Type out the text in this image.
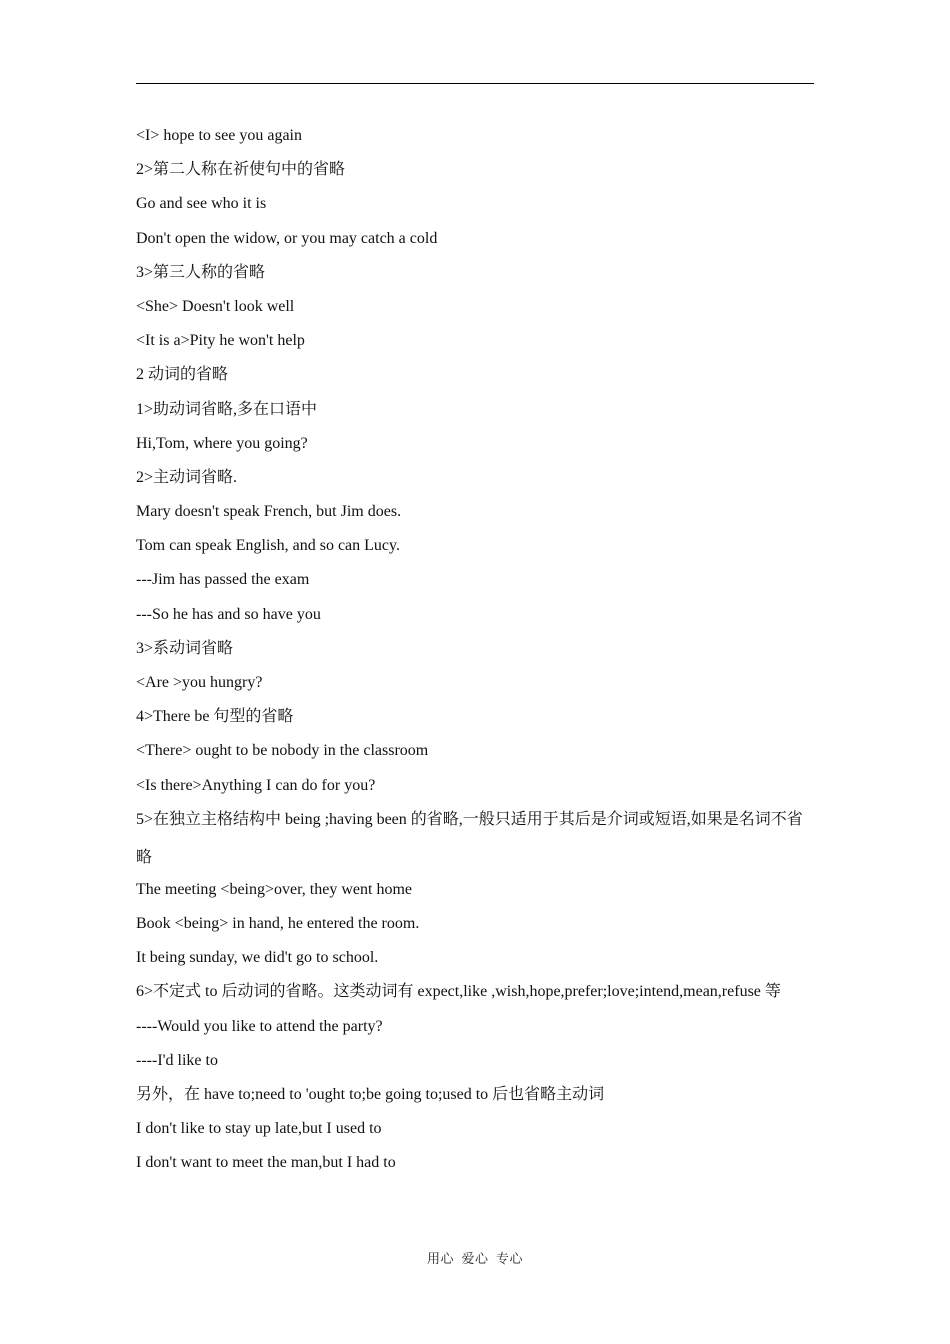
<I> hope to see you again
2>第二人称在祈使句中的省略
Go and see who it is
Don't open the widow, or you may catch a cold
3>第三人称的省略
<She> Doesn't look well
<It is a>Pity he won't help
2 动词的省略
1>助动词省略,多在口语中
Hi,Tom, where you going?
2>主动词省略.
Mary doesn't speak French, but Jim does.
Tom can speak English, and so can Lucy.
---Jim has passed the exam
---So he has and so have you
3>系动词省略
<Are >you hungry?
4>There be 句型的省略
<There> ought to be nobody in the classroom
<Is there>Anything I can do for you?
5>在独立主格结构中 being ;having been 的省略,一般只适用于其后是介词或短语,如果是名词不省略
The meeting <being>over, they went home
Book <being> in hand, he entered the room.
It being sunday, we did't go to school.
6>不定式 to 后动词的省略。这类动词有 expect,like ,wish,hope,prefer;love;intend,mean,refuse 等
----Would you like to attend the party?
----I'd like to
另外，在 have to;need to 'ought to;be going to;used to 后也省略主动词
I don't like to stay up late,but I used to
I don't want to meet the man,but I had to
用心  爱心  专心
